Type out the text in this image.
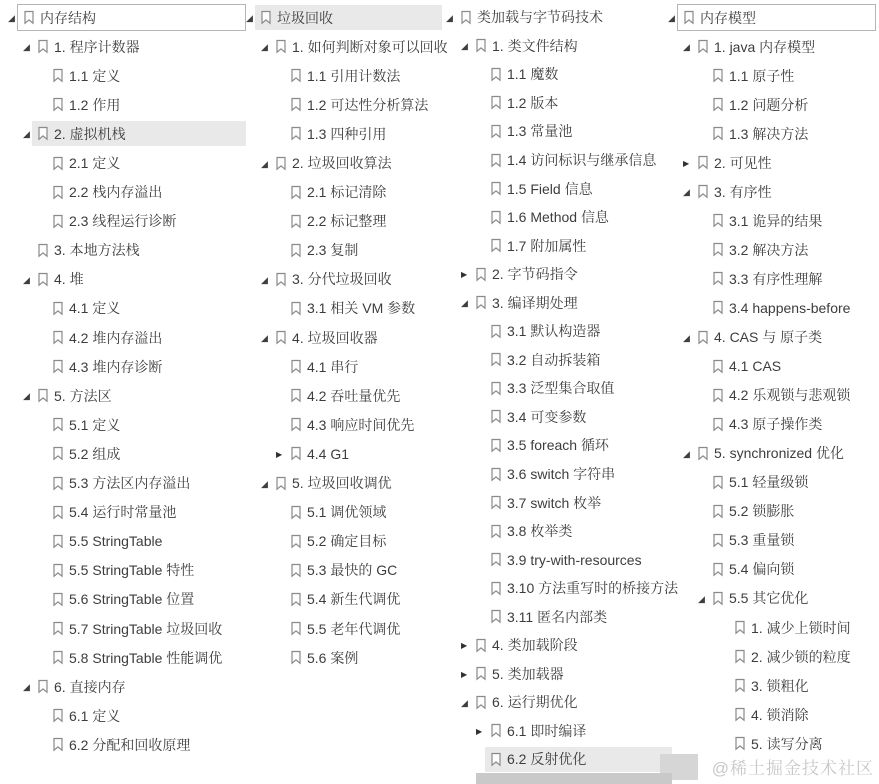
◢	内存结构
◢	1. 程序计数器
1.1 定义
1.2 作用
◢	2. 虚拟机栈
2.1 定义
2.2 栈内存溢出
2.3 线程运行诊断
3. 本地方法栈
◢	4. 堆
4.1 定义
4.2 堆内存溢出
4.3 堆内存诊断
◢	5. 方法区
5.1 定义
5.2 组成
5.3 方法区内存溢出
5.4 运行时常量池
5.5 StringTable
5.5 StringTable 特性
5.6 StringTable 位置
5.7 StringTable 垃圾回收
5.8 StringTable 性能调优
◢	6. 直接内存
6.1 定义
6.2 分配和回收原理
◢	垃圾回收
◢	1. 如何判断对象可以回收
1.1 引用计数法
1.2 可达性分析算法
1.3 四种引用
◢	2. 垃圾回收算法
2.1 标记清除
2.2 标记整理
2.3 复制
◢	3. 分代垃圾回收
3.1 相关 VM 参数
◢	4. 垃圾回收器
4.1 串行
4.2 吞吐量优先
4.3 响应时间优先
▶	4.4 G1
◢	5. 垃圾回收调优
5.1 调优领域
5.2 确定目标
5.3 最快的 GC
5.4 新生代调优
5.5 老年代调优
5.6 案例
◢	类加载与字节码技术
◢	1. 类文件结构
1.1 魔数
1.2 版本
1.3 常量池
1.4 访问标识与继承信息
1.5 Field 信息
1.6 Method 信息
1.7 附加属性
▶	2. 字节码指令
◢	3. 编译期处理
3.1 默认构造器
3.2 自动拆装箱
3.3 泛型集合取值
3.4 可变参数
3.5 foreach 循环
3.6 switch 字符串
3.7 switch 枚举
3.8 枚举类
3.9 try-with-resources
3.10 方法重写时的桥接方法
3.11 匿名内部类
▶	4. 类加载阶段
▶	5. 类加载器
◢	6. 运行期优化
▶	6.1 即时编译
6.2 反射优化
◢	内存模型
◢	1. java 内存模型
1.1 原子性
1.2 问题分析
1.3 解决方法
▶	2. 可见性
◢	3. 有序性
3.1 诡异的结果
3.2 解决方法
3.3 有序性理解
3.4 happens-before
◢	4. CAS 与 原子类
4.1 CAS
4.2 乐观锁与悲观锁
4.3 原子操作类
◢	5. synchronized 优化
5.1 轻量级锁
5.2 锁膨胀
5.3 重量锁
5.4 偏向锁
◢	5.5 其它优化
1. 减少上锁时间
2. 减少锁的粒度
3. 锁粗化
4. 锁消除
5. 读写分离
@稀土掘金技术社区
